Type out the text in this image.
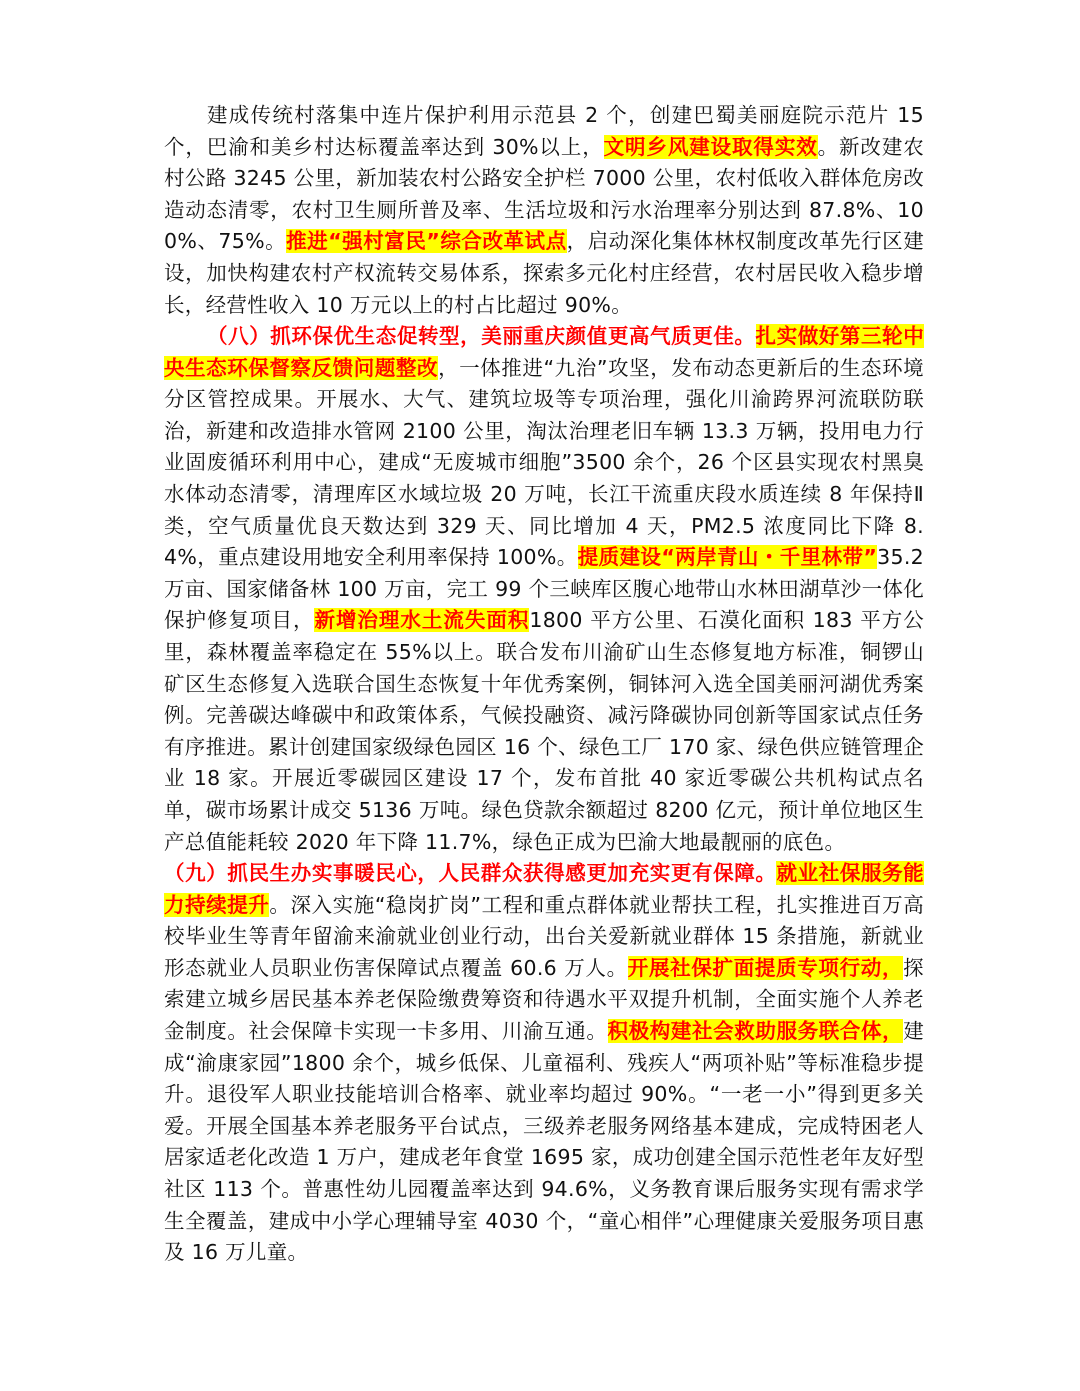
建成传统村落集中连片保护利用示范县 2 个，创建巴蜀美丽庭院示范片 15 个，巴渝和美乡村达标覆盖率达到 30%以上，文明乡风建设取得实效。新改建农村公路 3245 公里，新加装农村公路安全护栏 7000 公里，农村低收入群体危房改造动态清零，农村卫生厕所普及率、生活垃圾和污水治理率分别达到 87.8%、100%、75%。推进“强村富民”综合改革试点，启动深化集体林权制度改革先行区建设，加快构建农村产权流转交易体系，探索多元化村庄经营，农村居民收入稳步增长，经营性收入 10 万元以上的村占比超过 90%。

（八）抓环保优生态促转型，美丽重庆颜值更高气质更佳。扎实做好第三轮中央生态环保督察反馈问题整改，一体推进“九治”攻坚，发布动态更新后的生态环境分区管控成果。开展水、大气、建筑垃圾等专项治理，强化川渝跨界河流联防联治，新建和改造排水管网 2100 公里，淘汰治理老旧车辆 13.3 万辆，投用电力行业固废循环利用中心，建成“无废城市细胞”3500 余个，26 个区县实现农村黑臭水体动态清零，清理库区水域垃圾 20 万吨，长江干流重庆段水质连续 8 年保持Ⅱ类，空气质量优良天数达到 329 天、同比增加 4 天，PM2.5 浓度同比下降 8.4%，重点建设用地安全利用率保持 100%。提质建设“两岸青山・千里林带”35.2 万亩、国家储备林 100 万亩，完工 99 个三峡库区腹心地带山水林田湖草沙一体化保护修复项目，新增治理水土流失面积1800 平方公里、石漠化面积 183 平方公里，森林覆盖率稳定在 55%以上。联合发布川渝矿山生态修复地方标准，铜锣山矿区生态修复入选联合国生态恢复十年优秀案例，铜钵河入选全国美丽河湖优秀案例。完善碳达峰碳中和政策体系，气候投融资、减污降碳协同创新等国家试点任务有序推进。累计创建国家级绿色园区 16 个、绿色工厂 170 家、绿色供应链管理企业 18 家。开展近零碳园区建设 17 个，发布首批 40 家近零碳公共机构试点名单，碳市场累计成交 5136 万吨。绿色贷款余额超过 8200 亿元，预计单位地区生产总值能耗较 2020 年下降 11.7%，绿色正成为巴渝大地最靓丽的底色。

（九）抓民生办实事暖民心，人民群众获得感更加充实更有保障。就业社保服务能力持续提升。深入实施“稳岗扩岗”工程和重点群体就业帮扶工程，扎实推进百万高校毕业生等青年留渝来渝就业创业行动，出台关爱新就业群体 15 条措施，新就业形态就业人员职业伤害保障试点覆盖 60.6 万人。开展社保扩面提质专项行动，探索建立城乡居民基本养老保险缴费筹资和待遇水平双提升机制，全面实施个人养老金制度。社会保障卡实现一卡多用、川渝互通。积极构建社会救助服务联合体，建成“渝康家园”1800 余个，城乡低保、儿童福利、残疾人“两项补贴”等标准稳步提升。退役军人职业技能培训合格率、就业率均超过 90%。“一老一小”得到更多关爱。开展全国基本养老服务平台试点，三级养老服务网络基本建成，完成特困老人居家适老化改造 1 万户，建成老年食堂 1695 家，成功创建全国示范性老年友好型社区 113 个。普惠性幼儿园覆盖率达到 94.6%，义务教育课后服务实现有需求学生全覆盖，建成中小学心理辅导室 4030 个，“童心相伴”心理健康关爱服务项目惠及 16 万儿童。
